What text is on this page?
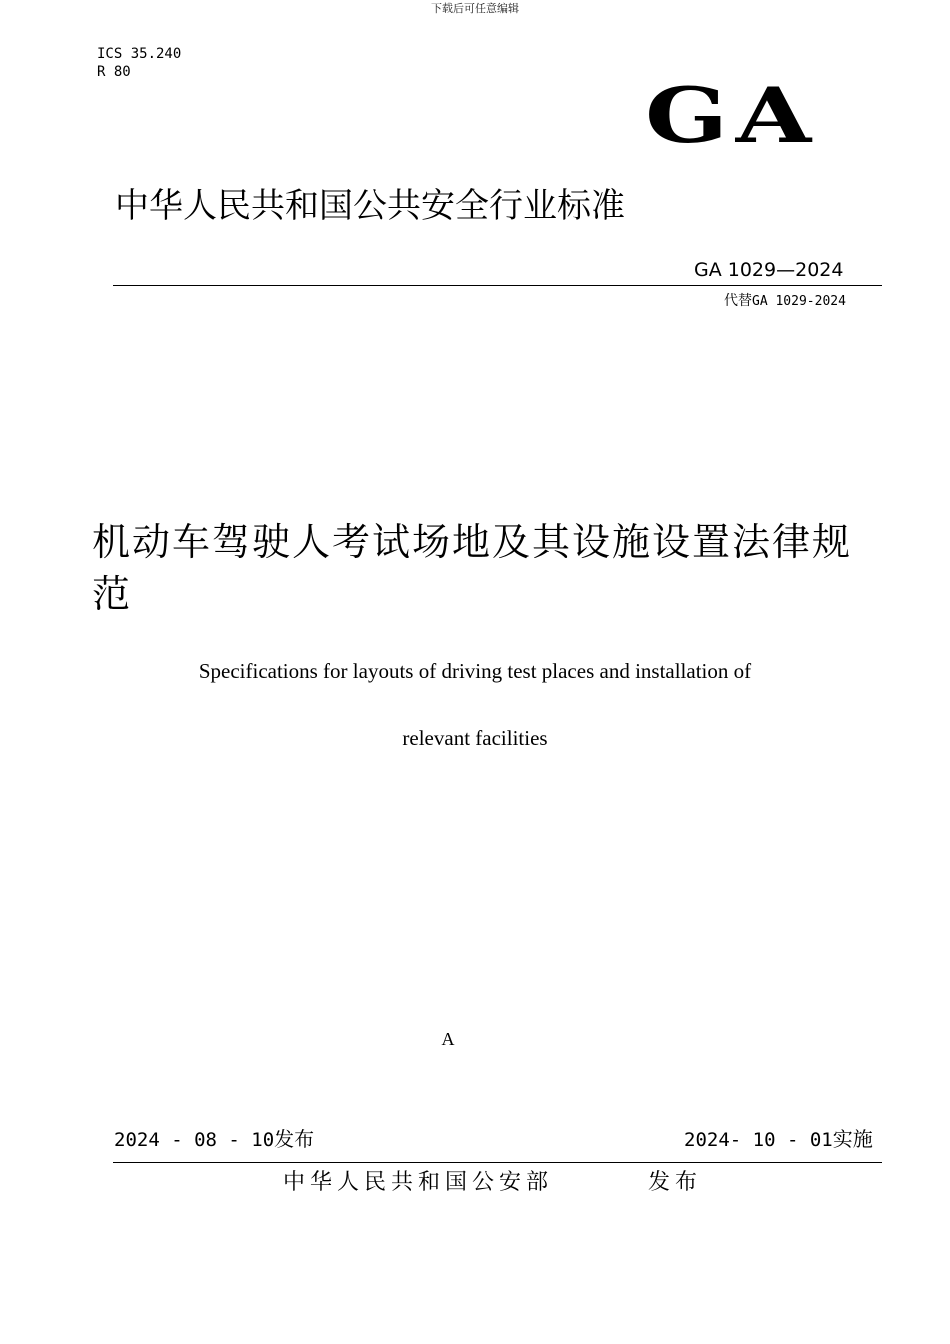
下载后可任意编辑
ICS 35.240
R 80	GA
中华人民共和国公共安全行业标准
GA 1029—2024
代替GA 1029-2024
机动车驾驶人考试场地及其设施设置法律规范
Specifications for layouts of driving test places and installation of
relevant facilities
A
2024 - 08 - 10发布	2024- 10 - 01实施
中华人民共和国公安部	发布
